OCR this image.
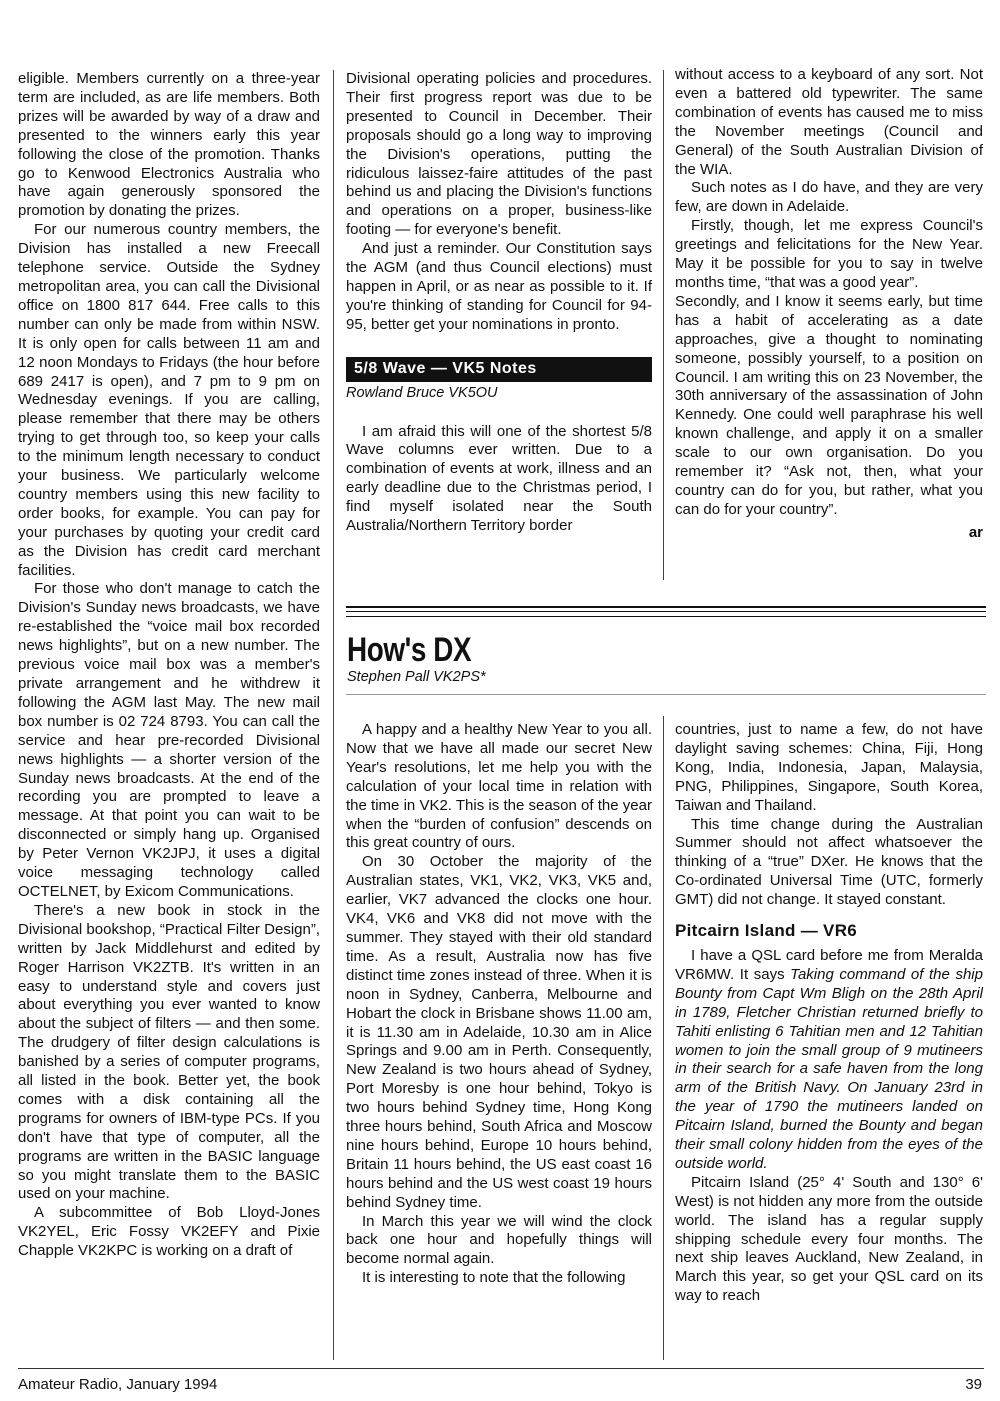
eligible. Members currently on a three-year term are included, as are life members. Both prizes will be awarded by way of a draw and presented to the winners early this year following the close of the promotion. Thanks go to Kenwood Electronics Australia who have again generously sponsored the promotion by donating the prizes.

For our numerous country members, the Division has installed a new Freecall telephone service. Outside the Sydney metropolitan area, you can call the Divisional office on 1800 817 644. Free calls to this number can only be made from within NSW. It is only open for calls between 11 am and 12 noon Mondays to Fridays (the hour before 689 2417 is open), and 7 pm to 9 pm on Wednesday evenings. If you are calling, please remember that there may be others trying to get through too, so keep your calls to the minimum length necessary to conduct your business. We particularly welcome country members using this new facility to order books, for example. You can pay for your purchases by quoting your credit card as the Division has credit card merchant facilities.

For those who don't manage to catch the Division's Sunday news broadcasts, we have re-established the “voice mail box recorded news highlights”, but on a new number. The previous voice mail box was a member's private arrangement and he withdrew it following the AGM last May. The new mail box number is 02 724 8793. You can call the service and hear pre-recorded Divisional news highlights — a shorter version of the Sunday news broadcasts. At the end of the recording you are prompted to leave a message. At that point you can wait to be disconnected or simply hang up. Organised by Peter Vernon VK2JPJ, it uses a digital voice messaging technology called OCTELNET, by Exicom Communications.

There's a new book in stock in the Divisional bookshop, “Practical Filter Design”, written by Jack Middlehurst and edited by Roger Harrison VK2ZTB. It's written in an easy to understand style and covers just about everything you ever wanted to know about the subject of filters — and then some. The drudgery of filter design calculations is banished by a series of computer programs, all listed in the book. Better yet, the book comes with a disk containing all the programs for owners of IBM-type PCs. If you don't have that type of computer, all the programs are written in the BASIC language so you might translate them to the BASIC used on your machine.

A subcommittee of Bob Lloyd-Jones VK2YEL, Eric Fossy VK2EFY and Pixie Chapple VK2KPC is working on a draft of

Divisional operating policies and procedures. Their first progress report was due to be presented to Council in December. Their proposals should go a long way to improving the Division's operations, putting the ridiculous laissez-faire attitudes of the past behind us and placing the Division's functions and operations on a proper, business-like footing — for everyone's benefit.

And just a reminder. Our Constitution says the AGM (and thus Council elections) must happen in April, or as near as possible to it. If you're thinking of standing for Council for 94-95, better get your nominations in pronto.

5/8 Wave — VK5 Notes
Rowland Bruce VK5OU

I am afraid this will one of the shortest 5/8 Wave columns ever written. Due to a combination of events at work, illness and an early deadline due to the Christmas period, I find myself isolated near the South Australia/Northern Territory border

without access to a keyboard of any sort. Not even a battered old typewriter. The same combination of events has caused me to miss the November meetings (Council and General) of the South Australian Division of the WIA.

Such notes as I do have, and they are very few, are down in Adelaide.

Firstly, though, let me express Council's greetings and felicitations for the New Year. May it be possible for you to say in twelve months time, “that was a good year”.

Secondly, and I know it seems early, but time has a habit of accelerating as a date approaches, give a thought to nominating someone, possibly yourself, to a position on Council. I am writing this on 23 November, the 30th anniversary of the assassination of John Kennedy. One could well paraphrase his well known challenge, and apply it on a smaller scale to our own organisation. Do you remember it? “Ask not, then, what your country can do for you, but rather, what you can do for your country”.

ar
How's DX
Stephen Pall VK2PS*

A happy and a healthy New Year to you all. Now that we have all made our secret New Year's resolutions, let me help you with the calculation of your local time in relation with the time in VK2. This is the season of the year when the “burden of confusion” descends on this great country of ours.

On 30 October the majority of the Australian states, VK1, VK2, VK3, VK5 and, earlier, VK7 advanced the clocks one hour. VK4, VK6 and VK8 did not move with the summer. They stayed with their old standard time. As a result, Australia now has five distinct time zones instead of three. When it is noon in Sydney, Canberra, Melbourne and Hobart the clock in Brisbane shows 11.00 am, it is 11.30 am in Adelaide, 10.30 am in Alice Springs and 9.00 am in Perth. Consequently, New Zealand is two hours ahead of Sydney, Port Moresby is one hour behind, Tokyo is two hours behind Sydney time, Hong Kong three hours behind, South Africa and Moscow nine hours behind, Europe 10 hours behind, Britain 11 hours behind, the US east coast 16 hours behind and the US west coast 19 hours behind Sydney time.

In March this year we will wind the clock back one hour and hopefully things will become normal again.

It is interesting to note that the following

countries, just to name a few, do not have daylight saving schemes: China, Fiji, Hong Kong, India, Indonesia, Japan, Malaysia, PNG, Philippines, Singapore, South Korea, Taiwan and Thailand.

This time change during the Australian Summer should not affect whatsoever the thinking of a “true” DXer. He knows that the Co-ordinated Universal Time (UTC, formerly GMT) did not change. It stayed constant.

Pitcairn Island — VR6

I have a QSL card before me from Meralda VR6MW. It says Taking command of the ship Bounty from Capt Wm Bligh on the 28th April in 1789, Fletcher Christian returned briefly to Tahiti enlisting 6 Tahitian men and 12 Tahitian women to join the small group of 9 mutineers in their search for a safe haven from the long arm of the British Navy. On January 23rd in the year of 1790 the mutineers landed on Pitcairn Island, burned the Bounty and began their small colony hidden from the eyes of the outside world.

Pitcairn Island (25° 4' South and 130° 6' West) is not hidden any more from the outside world. The island has a regular supply shipping schedule every four months. The next ship leaves Auckland, New Zealand, in March this year, so get your QSL card on its way to reach

Amateur Radio, January 1994	39
